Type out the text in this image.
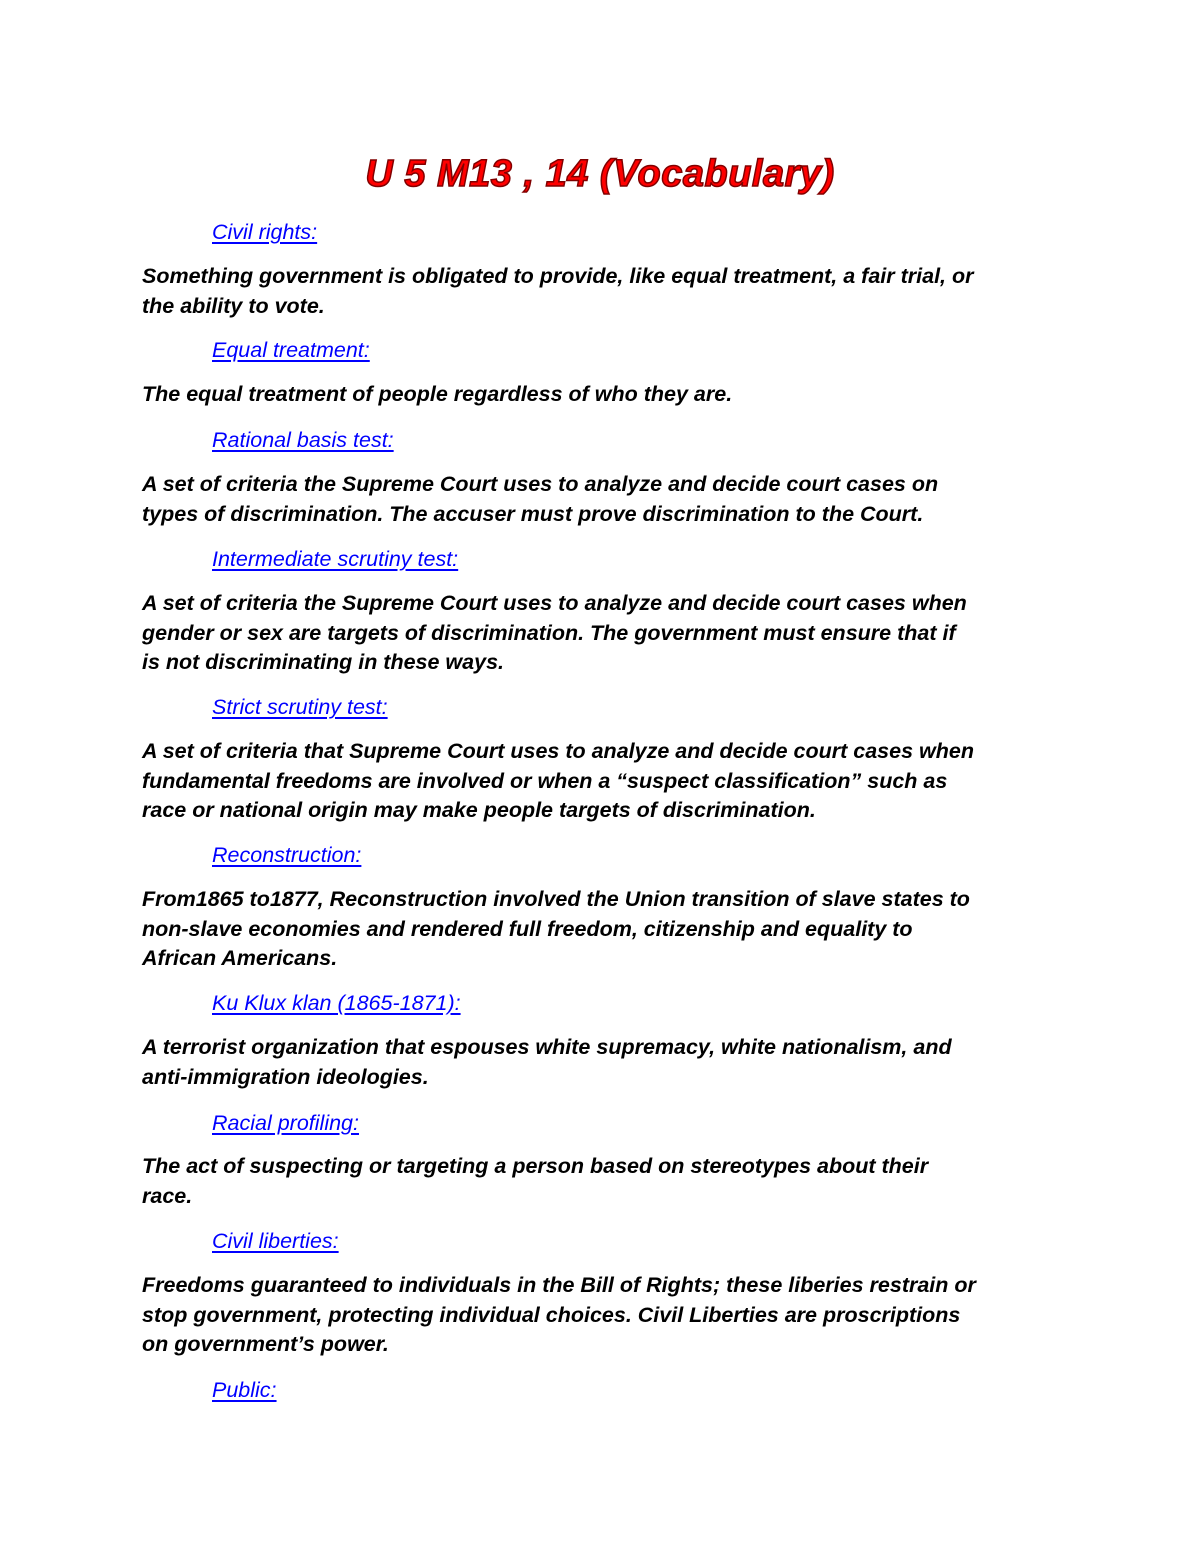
U 5 M13 , 14 (Vocabulary)
Civil rights:
Something government is obligated to provide, like equal treatment, a fair trial, or
the ability to vote.
Equal treatment:
The equal treatment of people regardless of who they are.
Rational basis test:
A set of criteria the Supreme Court uses to analyze and decide court cases on
types of discrimination. The accuser must prove discrimination to the Court.
Intermediate scrutiny test:
A set of criteria the Supreme Court uses to analyze and decide court cases when
gender or sex are targets of discrimination. The government must ensure that if
is not discriminating in these ways.
Strict scrutiny test:
A set of criteria that Supreme Court uses to analyze and decide court cases when
fundamental freedoms are involved or when a “suspect classification” such as
race or national origin may make people targets of discrimination.
Reconstruction:
From1865 to1877, Reconstruction involved the Union transition of slave states to
non-slave economies and rendered full freedom, citizenship and equality to
African Americans.
Ku Klux klan (1865-1871):
A terrorist organization that espouses white supremacy, white nationalism, and
anti-immigration ideologies.
Racial profiling:
The act of suspecting or targeting a person based on stereotypes about their
race.
Civil liberties:
Freedoms guaranteed to individuals in the Bill of Rights; these liberies restrain or
stop government, protecting individual choices. Civil Liberties are proscriptions
on government’s power.
Public:
